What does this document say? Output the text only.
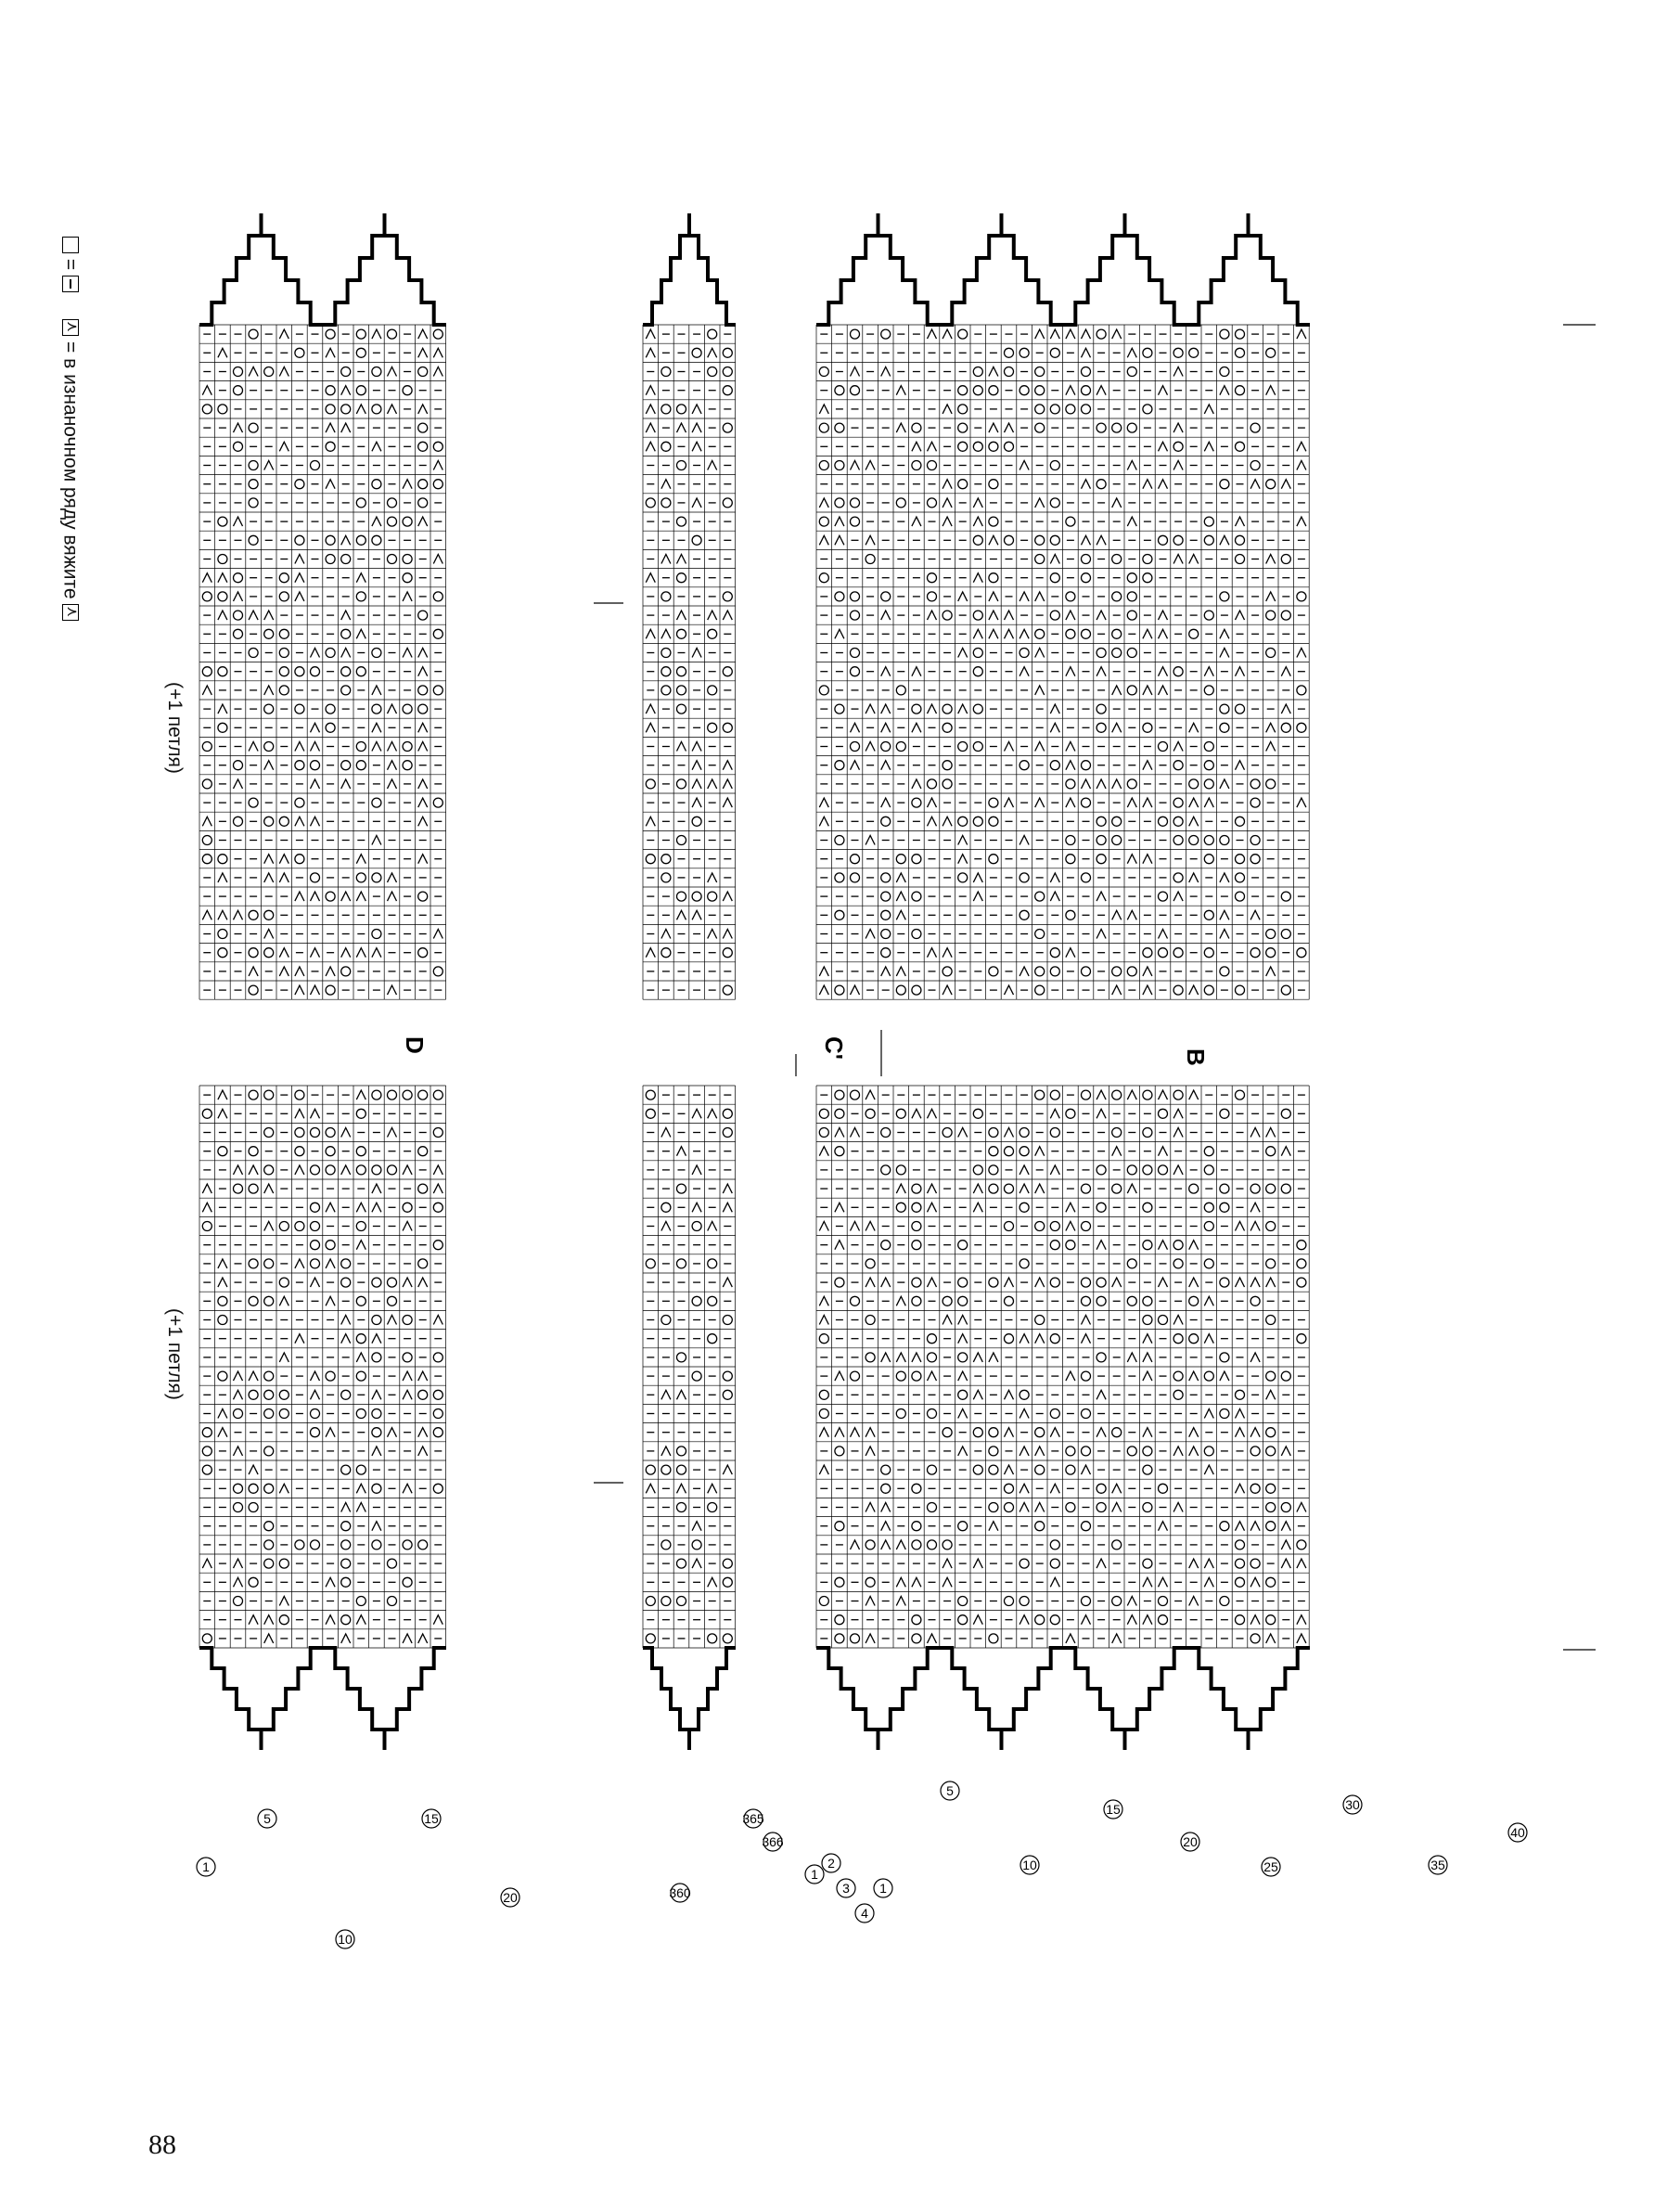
B
C'
D
1
2
3
4
1
5
10
15
20
25
30
35
40
365
366
360
1
5
10
15
20
=      ⋏ = в изнаночном ряду вяжите ⋏
(+1 петля)
(+1 петля)
88
